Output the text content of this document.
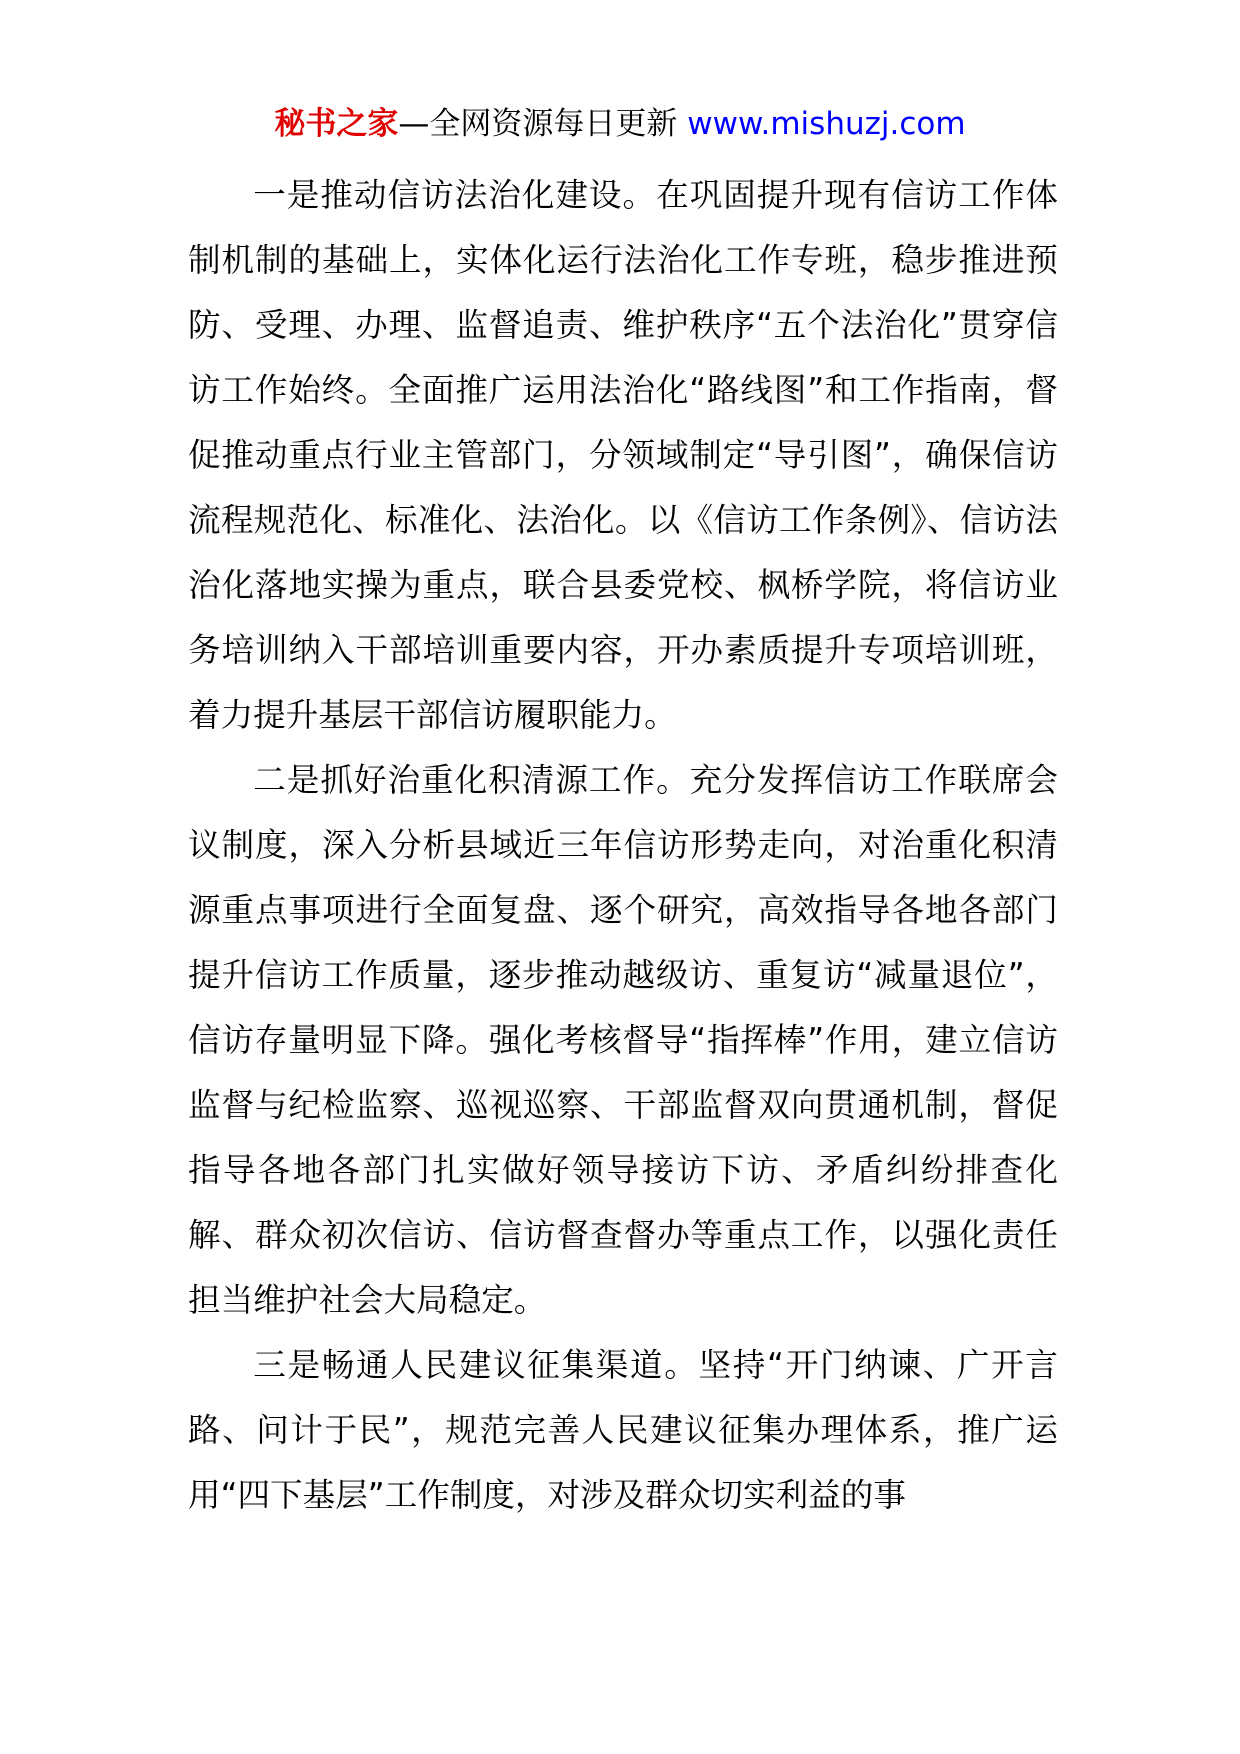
秘书之家—全网资源每日更新 www.mishuzj.com

一是推动信访法治化建设。在巩固提升现有信访工作体制机制的基础上，实体化运行法治化工作专班，稳步推进预防、受理、办理、监督追责、维护秩序“五个法治化”贯穿信访工作始终。全面推广运用法治化“路线图”和工作指南，督促推动重点行业主管部门，分领域制定“导引图”，确保信访流程规范化、标准化、法治化。以《信访工作条例》、信访法治化落地实操为重点，联合县委党校、枫桥学院，将信访业务培训纳入干部培训重要内容，开办素质提升专项培训班，着力提升基层干部信访履职能力。

二是抓好治重化积清源工作。充分发挥信访工作联席会议制度，深入分析县域近三年信访形势走向，对治重化积清源重点事项进行全面复盘、逐个研究，高效指导各地各部门提升信访工作质量，逐步推动越级访、重复访“减量退位”，信访存量明显下降。强化考核督导“指挥棒”作用，建立信访监督与纪检监察、巡视巡察、干部监督双向贯通机制，督促指导各地各部门扎实做好领导接访下访、矛盾纠纷排查化解、群众初次信访、信访督查督办等重点工作，以强化责任担当维护社会大局稳定。

三是畅通人民建议征集渠道。坚持“开门纳谏、广开言路、问计于民”，规范完善人民建议征集办理体系，推广运用“四下基层”工作制度，对涉及群众切实利益的事
